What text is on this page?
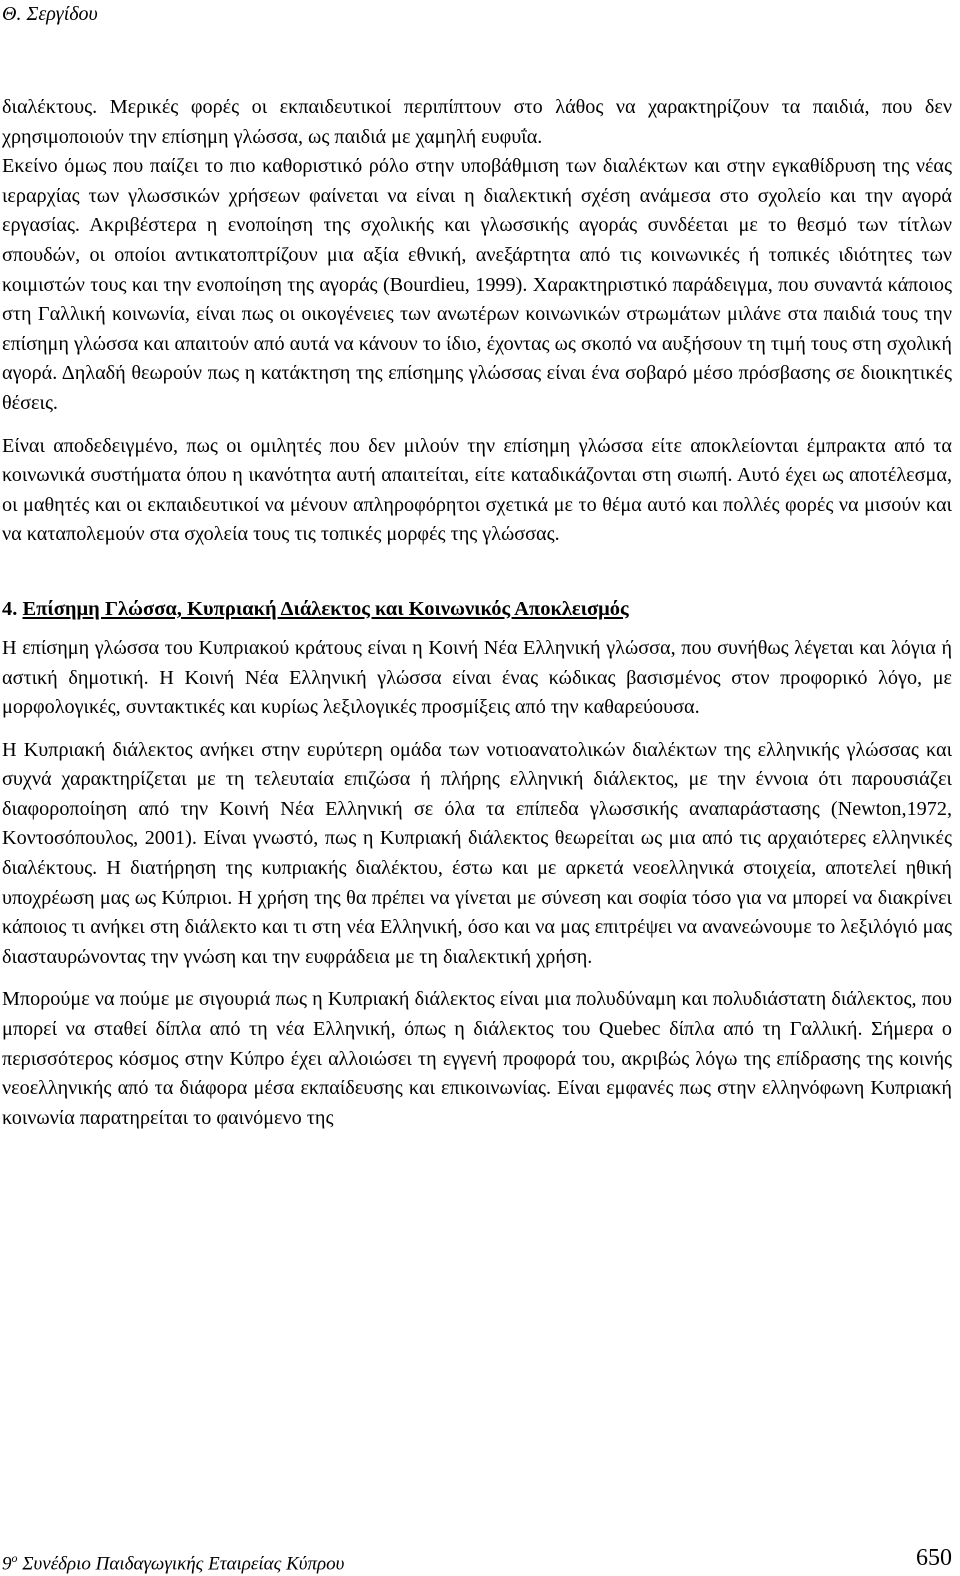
Θ. Σεργίδου

διαλέκτους. Μερικές φορές οι εκπαιδευτικοί περιπίπτουν στο λάθος να χαρακτηρίζουν τα παιδιά, που δεν χρησιμοποιούν την επίσημη γλώσσα, ως παιδιά με χαμηλή ευφυΐα.

Εκείνο όμως που παίζει το πιο καθοριστικό ρόλο στην υποβάθμιση των διαλέκτων και στην εγκαθίδρυση της νέας ιεραρχίας των γλωσσικών χρήσεων φαίνεται να είναι η διαλεκτική σχέση ανάμεσα στο σχολείο και την αγορά εργασίας. Ακριβέστερα η ενοποίηση της σχολικής και γλωσσικής αγοράς συνδέεται με το θεσμό των τίτλων σπουδών, οι οποίοι αντικατοπτρίζουν μια αξία εθνική, ανεξάρτητα από τις κοινωνικές ή τοπικές ιδιότητες των κοιμιστών τους και την ενοποίηση της αγοράς (Bourdieu, 1999). Χαρακτηριστικό παράδειγμα, που συναντά κάποιος στη Γαλλική κοινωνία, είναι πως οι οικογένειες των ανωτέρων κοινωνικών στρωμάτων μιλάνε στα παιδιά τους την επίσημη γλώσσα και απαιτούν από αυτά να κάνουν το ίδιο, έχοντας ως σκοπό να αυξήσουν τη τιμή τους στη σχολική αγορά. Δηλαδή θεωρούν πως η κατάκτηση της επίσημης γλώσσας είναι ένα σοβαρό μέσο πρόσβασης σε διοικητικές θέσεις.

Είναι αποδεδειγμένο, πως οι ομιλητές που δεν μιλούν την επίσημη γλώσσα είτε αποκλείονται έμπρακτα από τα κοινωνικά συστήματα όπου η ικανότητα αυτή απαιτείται, είτε καταδικάζονται στη σιωπή. Αυτό έχει ως αποτέλεσμα, οι μαθητές και οι εκπαιδευτικοί να μένουν απληροφόρητοι σχετικά με το θέμα αυτό και πολλές φορές να μισούν και να καταπολεμούν στα σχολεία τους τις τοπικές μορφές της γλώσσας.

4. Επίσημη Γλώσσα, Κυπριακή Διάλεκτος και Κοινωνικός Αποκλεισμός

Η επίσημη γλώσσα του Κυπριακού κράτους είναι η Κοινή Νέα Ελληνική γλώσσα, που συνήθως λέγεται και λόγια ή αστική δημοτική. Η Κοινή Νέα Ελληνική γλώσσα είναι ένας κώδικας βασισμένος στον προφορικό λόγο, με μορφολογικές, συντακτικές και κυρίως λεξιλογικές προσμίξεις από την καθαρεύουσα.

Η Κυπριακή διάλεκτος ανήκει στην ευρύτερη ομάδα των νοτιοανατολικών διαλέκτων της ελληνικής γλώσσας και συχνά χαρακτηρίζεται με τη τελευταία επιζώσα ή πλήρης ελληνική διάλεκτος, με την έννοια ότι παρουσιάζει διαφοροποίηση από την Κοινή Νέα Ελληνική σε όλα τα επίπεδα γλωσσικής αναπαράστασης (Newton,1972, Κοντοσόπουλος, 2001). Είναι γνωστό, πως η Κυπριακή διάλεκτος θεωρείται ως μια από τις αρχαιότερες ελληνικές διαλέκτους. Η διατήρηση της κυπριακής διαλέκτου, έστω και με αρκετά νεοελληνικά στοιχεία, αποτελεί ηθική υποχρέωση μας ως Κύπριοι. Η χρήση της θα πρέπει να γίνεται με σύνεση και σοφία τόσο για να μπορεί να διακρίνει κάποιος τι ανήκει στη διάλεκτο και τι στη νέα Ελληνική, όσο και να μας επιτρέψει να ανανεώνουμε το λεξιλόγιό μας διασταυρώνοντας την γνώση και την ευφράδεια με τη διαλεκτική χρήση.

Μπορούμε να πούμε με σιγουριά πως η Κυπριακή διάλεκτος είναι μια πολυδύναμη και πολυδιάστατη διάλεκτος, που μπορεί να σταθεί δίπλα από τη νέα Ελληνική, όπως η διάλεκτος του Quebec δίπλα από τη Γαλλική. Σήμερα ο περισσότερος κόσμος στην Κύπρο έχει αλλοιώσει τη εγγενή προφορά του, ακριβώς λόγω της επίδρασης της κοινής νεοελληνικής από τα διάφορα μέσα εκπαίδευσης και επικοινωνίας. Είναι εμφανές πως στην ελληνόφωνη Κυπριακή κοινωνία παρατηρείται το φαινόμενο της

$9^o$ Συνέδριο Παιδαγωγικής Εταιρείας Κύπρου	650
